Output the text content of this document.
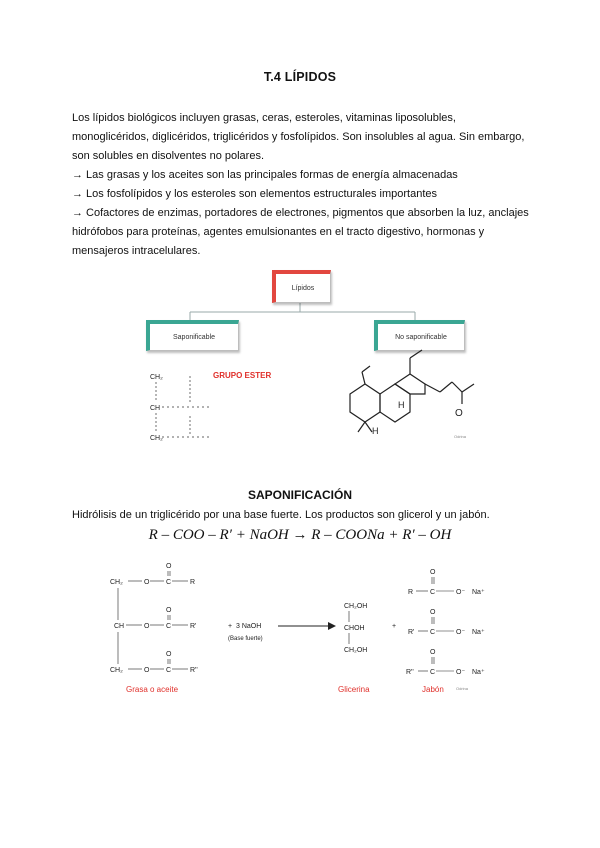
T.4 LÍPIDOS

Los lípidos biológicos incluyen grasas, ceras, esteroles, vitaminas liposolubles, monoglicéridos, diglicéridos, triglicéridos y fosfolípidos. Son insolubles al agua. Sin embargo, son solubles en disolventes no polares.

→ Las grasas y los aceites son las principales formas de energía almacenadas

→ Los fosfolípidos y los esteroles son elementos estructurales importantes

→ Cofactores de enzimas, portadores de electrones, pigmentos que absorben la luz, anclajes hidrófobos para proteínas, agentes emulsionantes en el tracto digestivo, hormonas y mensajeros intracelulares.

Lípidos
Saponificable	No saponificable
CH₂
CH
CH₂
GRUPO ESTER
O
H
H
Odrina
SAPONIFICACIÓN
Hidrólisis de un triglicérido por una base fuerte. Los productos son glicerol y un jabón.
R – COO – R′ + NaOH → R – COONa + R′ – OH
CH₂	O C	R
O
CH	O C	R'
O
CH₂	O C	R''
O
+ 3 NaOH
(Base fuerte)
CH₂OH
CHOH
CH₂OH
+
R C
O
O⁻ Na⁺
R' C
O
O⁻ Na⁺
R'' C
O
O⁻ Na⁺
Grasa o aceite	Glicerina	Jabón	Odrina
